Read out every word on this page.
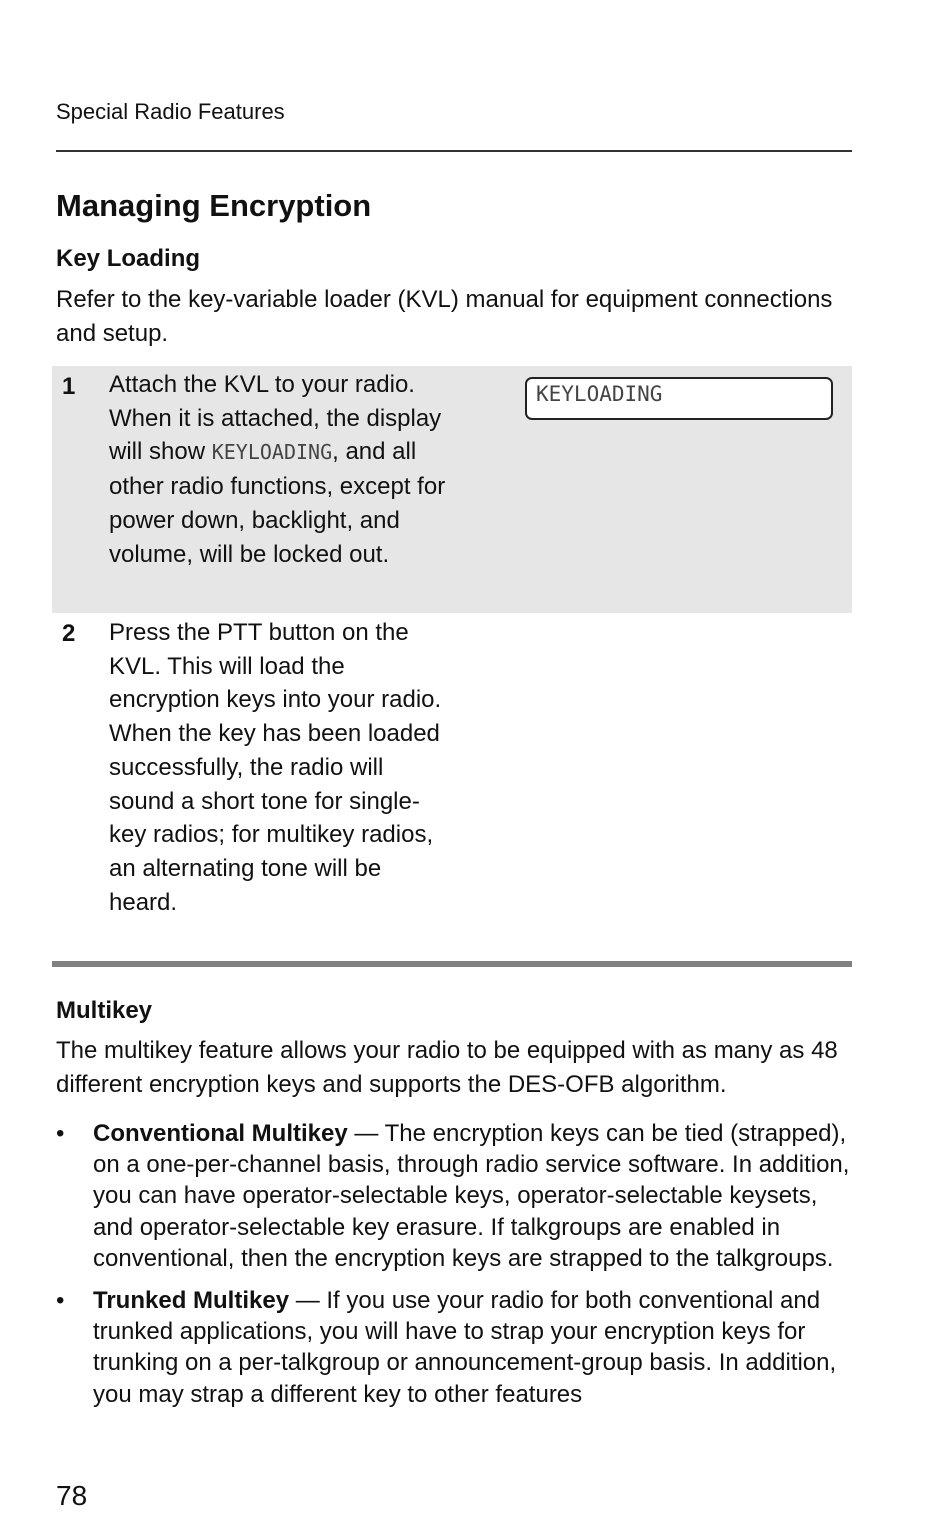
Special Radio Features
Managing Encryption
Key Loading

Refer to the key-variable loader (KVL) manual for equipment connections and setup.

1 Attach the KVL to your radio. When it is attached, the display will show KEYLOADING, and all other radio functions, except for power down, backlight, and volume, will be locked out.
KEYLOADING
2 Press the PTT button on the KVL. This will load the encryption keys into your radio. When the key has been loaded successfully, the radio will sound a short tone for single-key radios; for multikey radios, an alternating tone will be heard.
Multikey

The multikey feature allows your radio to be equipped with as many as 48 different encryption keys and supports the DES-OFB algorithm.

• Conventional Multikey — The encryption keys can be tied (strapped), on a one-per-channel basis, through radio service software. In addition, you can have operator-selectable keys, operator-selectable keysets, and operator-selectable key erasure. If talkgroups are enabled in conventional, then the encryption keys are strapped to the talkgroups.
• Trunked Multikey — If you use your radio for both conventional and trunked applications, you will have to strap your encryption keys for trunking on a per-talkgroup or announcement-group basis. In addition, you may strap a different key to other features
78
